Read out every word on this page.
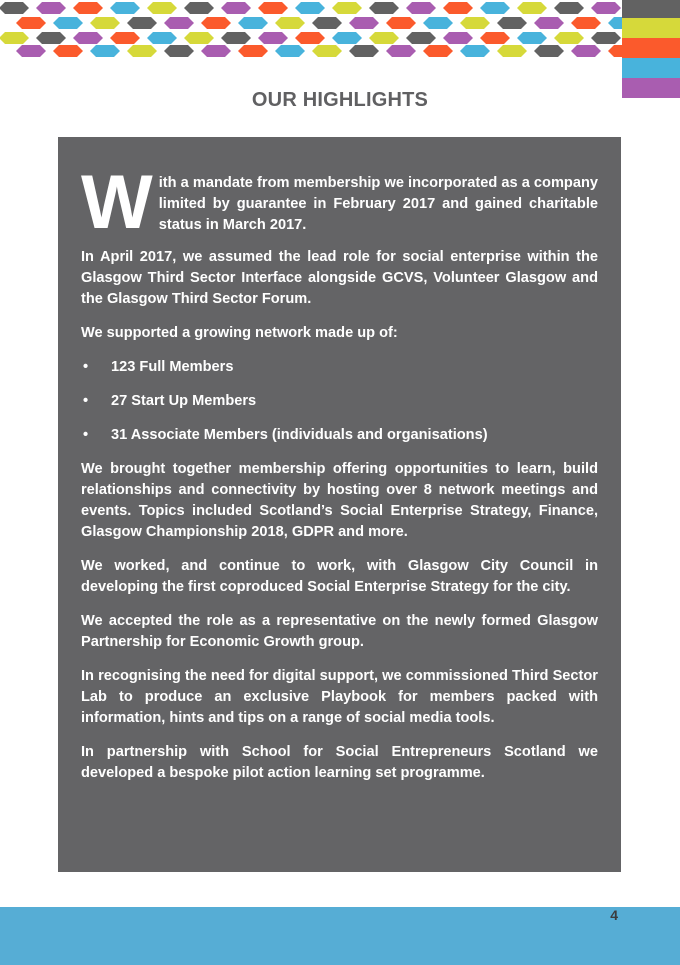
OUR HIGHLIGHTS

W ith a mandate from membership we incorporated as a company limited by guarantee in February 2017 and gained charitable status in March 2017.

In April 2017, we assumed the lead role for social enterprise within the Glasgow Third Sector Interface alongside GCVS, Volunteer Glasgow and the Glasgow Third Sector Forum.

We supported a growing network made up of:

• 123 Full Members
• 27 Start Up Members
• 31 Associate Members (individuals and organisations)

We brought together membership offering opportunities to learn, build relationships and connectivity by hosting over 8 network meetings and events. Topics included Scotland’s Social Enterprise Strategy, Finance, Glasgow Championship 2018, GDPR and more.

We worked, and continue to work, with Glasgow City Council in developing the first coproduced Social Enterprise Strategy for the city.

We accepted the role as a representative on the newly formed Glasgow Partnership for Economic Growth group.

In recognising the need for digital support, we commissioned Third Sector Lab to produce an exclusive Playbook for members packed with information, hints and tips on a range of social media tools.

In partnership with School for Social Entrepreneurs Scotland we developed a bespoke pilot action learning set programme.

4
